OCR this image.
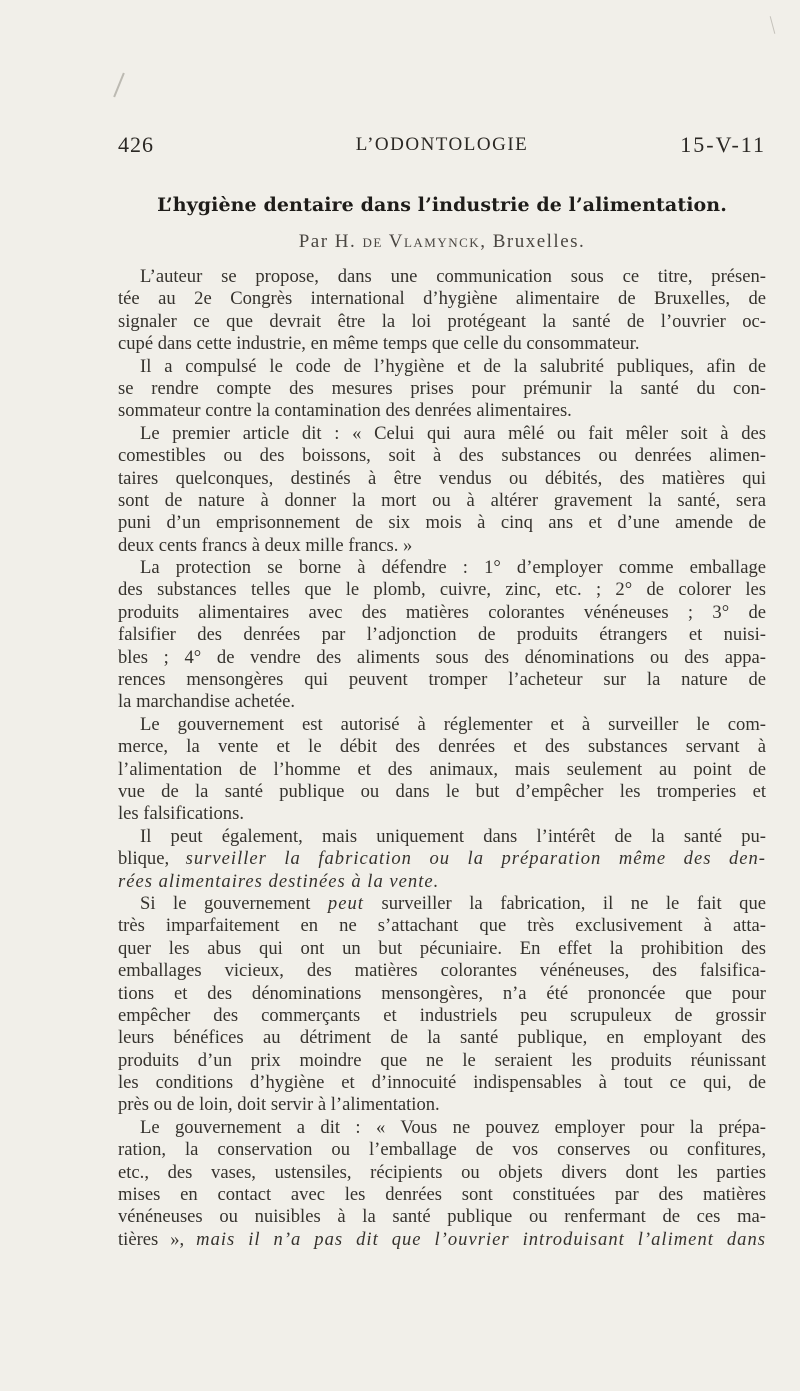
426	L’ODONTOLOGIE	15-V-11
L’hygiène dentaire dans l’industrie de l’alimentation.
Par H. de Vlamynck, Bruxelles.
L’auteur se propose, dans une communication sous ce titre, présen-
tée au 2e Congrès international d’hygiène alimentaire de Bruxelles, de
signaler ce que devrait être la loi protégeant la santé de l’ouvrier oc-
cupé dans cette industrie, en même temps que celle du consommateur.
Il a compulsé le code de l’hygiène et de la salubrité publiques, afin de
se rendre compte des mesures prises pour prémunir la santé du con-
sommateur contre la contamination des denrées alimentaires.
Le premier article dit : « Celui qui aura mêlé ou fait mêler soit à des
comestibles ou des boissons, soit à des substances ou denrées alimen-
taires quelconques, destinés à être vendus ou débités, des matières qui
sont de nature à donner la mort ou à altérer gravement la santé, sera
puni d’un emprisonnement de six mois à cinq ans et d’une amende de
deux cents francs à deux mille francs. »
La protection se borne à défendre : 1° d’employer comme emballage
des substances telles que le plomb, cuivre, zinc, etc. ; 2° de colorer les
produits alimentaires avec des matières colorantes vénéneuses ; 3° de
falsifier des denrées par l’adjonction de produits étrangers et nuisi-
bles ; 4° de vendre des aliments sous des dénominations ou des appa-
rences mensongères qui peuvent tromper l’acheteur sur la nature de
la marchandise achetée.
Le gouvernement est autorisé à réglementer et à surveiller le com-
merce, la vente et le débit des denrées et des substances servant à
l’alimentation de l’homme et des animaux, mais seulement au point de
vue de la santé publique ou dans le but d’empêcher les tromperies et
les falsifications.
Il peut également, mais uniquement dans l’intérêt de la santé pu-
blique, surveiller la fabrication ou la préparation même des den-
rées alimentaires destinées à la vente.
Si le gouvernement peut surveiller la fabrication, il ne le fait que
très imparfaitement en ne s’attachant que très exclusivement à atta-
quer les abus qui ont un but pécuniaire. En effet la prohibition des
emballages vicieux, des matières colorantes vénéneuses, des falsifica-
tions et des dénominations mensongères, n’a été prononcée que pour
empêcher des commerçants et industriels peu scrupuleux de grossir
leurs bénéfices au détriment de la santé publique, en employant des
produits d’un prix moindre que ne le seraient les produits réunissant
les conditions d’hygiène et d’innocuité indispensables à tout ce qui, de
près ou de loin, doit servir à l’alimentation.
Le gouvernement a dit : « Vous ne pouvez employer pour la prépa-
ration, la conservation ou l’emballage de vos conserves ou confitures,
etc., des vases, ustensiles, récipients ou objets divers dont les parties
mises en contact avec les denrées sont constituées par des matières
vénéneuses ou nuisibles à la santé publique ou renfermant de ces ma-
tières », mais il n’a pas dit que l’ouvrier introduisant l’aliment dans
